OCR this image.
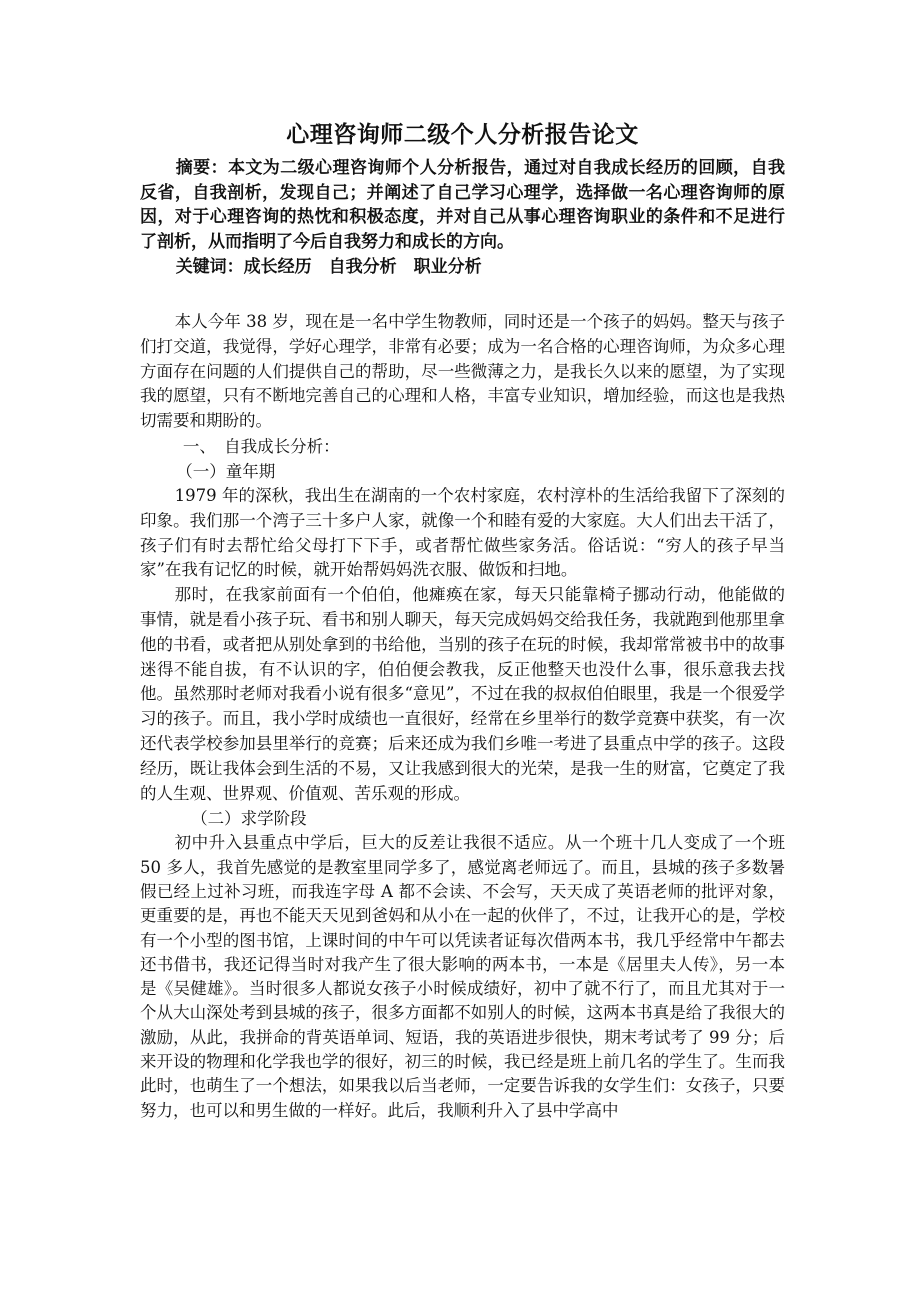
心理咨询师二级个人分析报告论文

摘要：本文为二级心理咨询师个人分析报告，通过对自我成长经历的回顾，自我反省，自我剖析，发现自己；并阐述了自己学习心理学，选择做一名心理咨询师的原因，对于心理咨询的热忱和积极态度，并对自己从事心理咨询职业的条件和不足进行了剖析，从而指明了今后自我努力和成长的方向。

关键词：成长经历　自我分析　职业分析

本人今年 38 岁，现在是一名中学生物教师，同时还是一个孩子的妈妈。整天与孩子们打交道，我觉得，学好心理学，非常有必要；成为一名合格的心理咨询师，为众多心理方面存在问题的人们提供自己的帮助，尽一些微薄之力，是我长久以来的愿望，为了实现我的愿望，只有不断地完善自己的心理和人格，丰富专业知识，增加经验，而这也是我热切需要和期盼的。

一、　自我成长分析：

（一）童年期

1979 年的深秋，我出生在湖南的一个农村家庭，农村淳朴的生活给我留下了深刻的印象。我们那一个湾子三十多户人家，就像一个和睦有爱的大家庭。大人们出去干活了，孩子们有时去帮忙给父母打下下手，或者帮忙做些家务活。俗话说：“穷人的孩子早当家”在我有记忆的时候，就开始帮妈妈洗衣服、做饭和扫地。

那时，在我家前面有一个伯伯，他瘫痪在家，每天只能靠椅子挪动行动，他能做的事情，就是看小孩子玩、看书和别人聊天，每天完成妈妈交给我任务，我就跑到他那里拿他的书看，或者把从别处拿到的书给他，当别的孩子在玩的时候，我却常常被书中的故事迷得不能自拔，有不认识的字，伯伯便会教我，反正他整天也没什么事，很乐意我去找他。虽然那时老师对我看小说有很多“意见”，不过在我的叔叔伯伯眼里，我是一个很爱学习的孩子。而且，我小学时成绩也一直很好，经常在乡里举行的数学竞赛中获奖，有一次还代表学校参加县里举行的竞赛；后来还成为我们乡唯一考进了县重点中学的孩子。这段经历，既让我体会到生活的不易，又让我感到很大的光荣，是我一生的财富，它奠定了我的人生观、世界观、价值观、苦乐观的形成。

（二）求学阶段

初中升入县重点中学后，巨大的反差让我很不适应。从一个班十几人变成了一个班 50 多人，我首先感觉的是教室里同学多了，感觉离老师远了。而且，县城的孩子多数暑假已经上过补习班，而我连字母 A 都不会读、不会写，天天成了英语老师的批评对象，更重要的是，再也不能天天见到爸妈和从小在一起的伙伴了，不过，让我开心的是，学校有一个小型的图书馆，上课时间的中午可以凭读者证每次借两本书，我几乎经常中午都去还书借书，我还记得当时对我产生了很大影响的两本书，一本是《居里夫人传》，另一本是《吴健雄》。当时很多人都说女孩子小时候成绩好，初中了就不行了，而且尤其对于一个从大山深处考到县城的孩子，很多方面都不如别人的时候，这两本书真是给了我很大的激励，从此，我拼命的背英语单词、短语，我的英语进步很快，期末考试考了 99 分；后来开设的物理和化学我也学的很好，初三的时候，我已经是班上前几名的学生了。生而我此时，也萌生了一个想法，如果我以后当老师，一定要告诉我的女学生们：女孩子，只要努力，也可以和男生做的一样好。此后，我顺利升入了县中学高中
